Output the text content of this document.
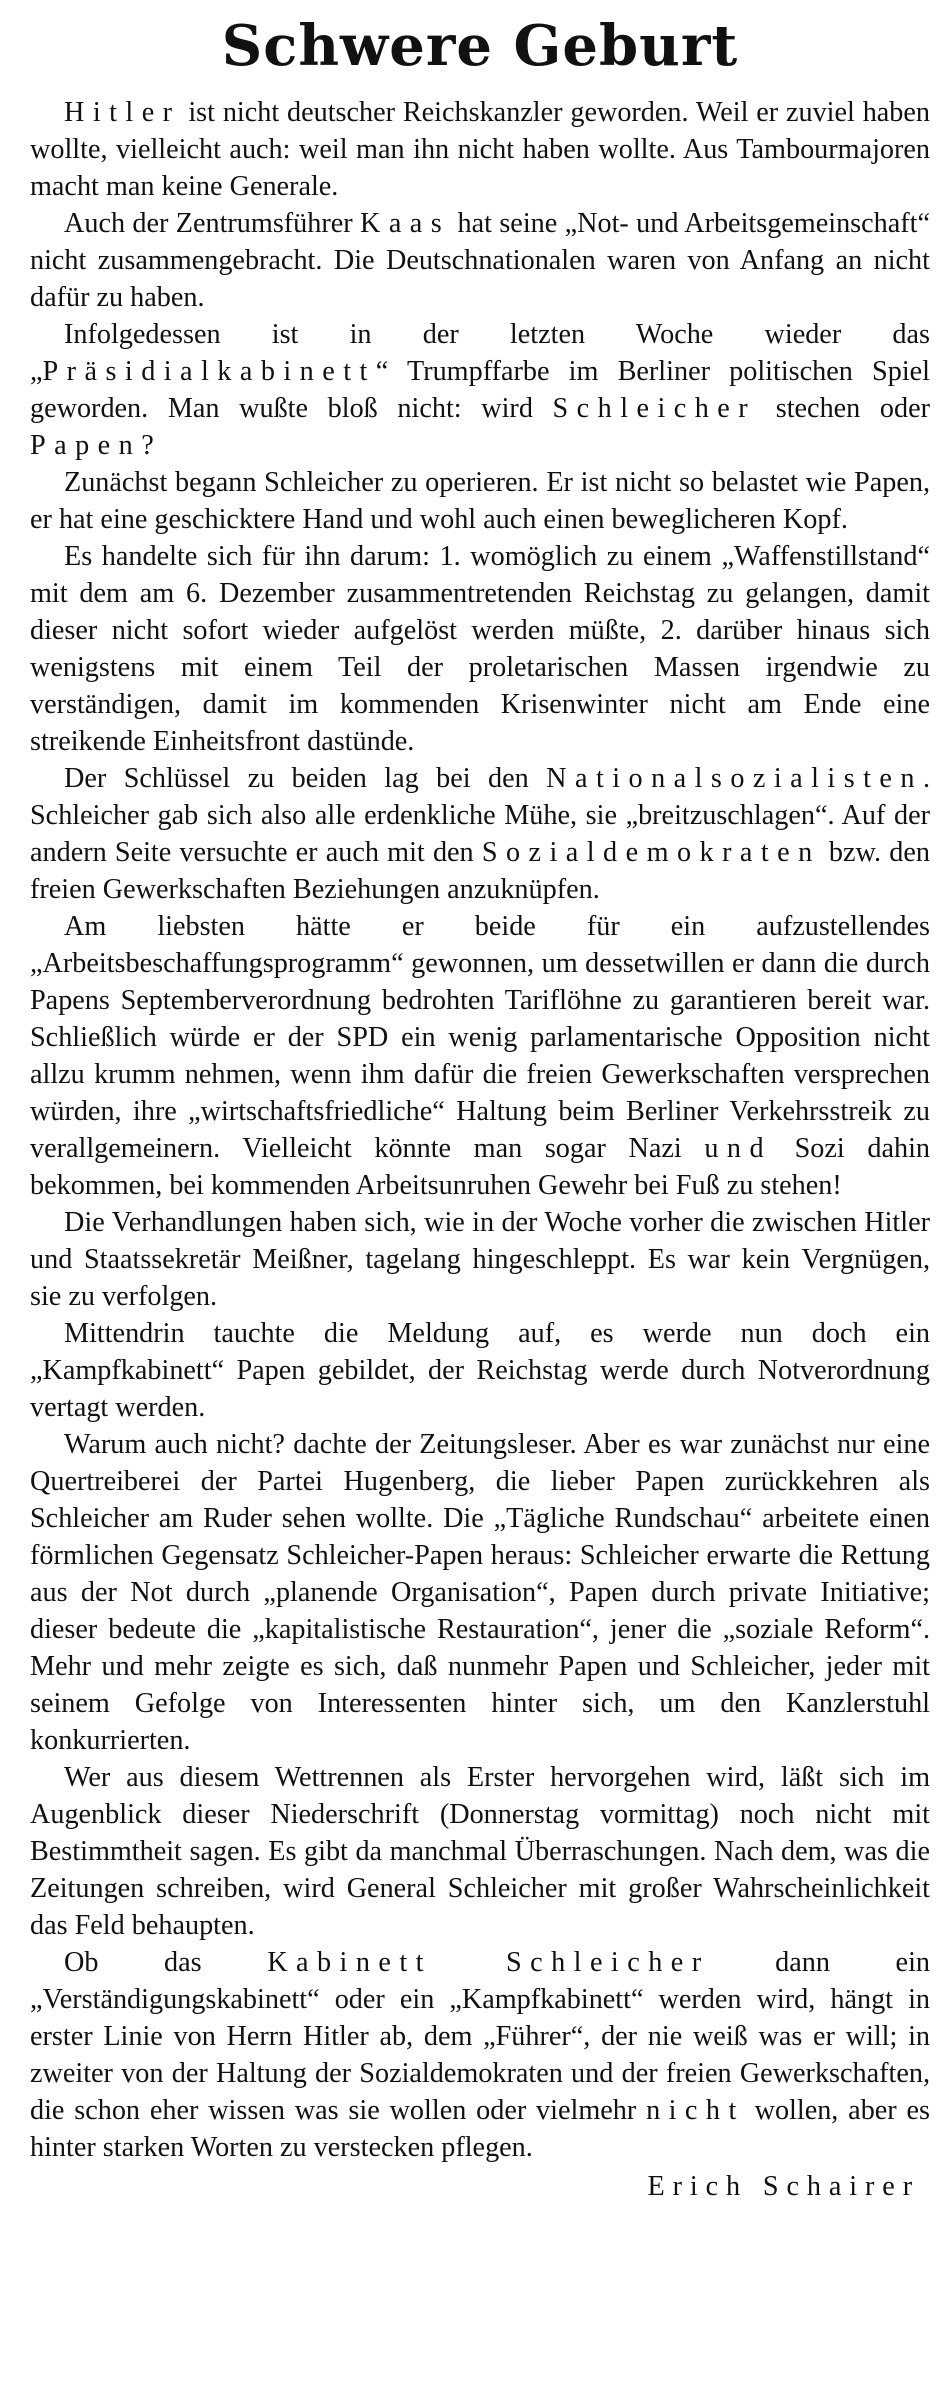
Schwere Geburt

Hitler ist nicht deutscher Reichskanzler geworden. Weil er zuviel haben wollte, vielleicht auch: weil man ihn nicht haben wollte. Aus Tambourmajoren macht man keine Generale.

Auch der Zentrumsführer Kaas hat seine „Not- und Arbeitsgemeinschaft“ nicht zusammengebracht. Die Deutschnationalen waren von Anfang an nicht dafür zu haben.

Infolgedessen ist in der letzten Woche wieder das „Präsidialkabinett“ Trumpffarbe im Berliner politischen Spiel geworden. Man wußte bloß nicht: wird Schleicher stechen oder Papen?

Zunächst begann Schleicher zu operieren. Er ist nicht so belastet wie Papen, er hat eine geschicktere Hand und wohl auch einen beweglicheren Kopf.

Es handelte sich für ihn darum: 1. womöglich zu einem „Waffenstillstand“ mit dem am 6. Dezember zusammentretenden Reichstag zu gelangen, damit dieser nicht sofort wieder aufgelöst werden müßte, 2. darüber hinaus sich wenigstens mit einem Teil der proletarischen Massen irgendwie zu verständigen, damit im kommenden Krisenwinter nicht am Ende eine streikende Einheitsfront dastünde.

Der Schlüssel zu beiden lag bei den Nationalsozialisten. Schleicher gab sich also alle erdenkliche Mühe, sie „breitzuschlagen“. Auf der andern Seite versuchte er auch mit den Sozialdemokraten bzw. den freien Gewerkschaften Beziehungen anzuknüpfen.

Am liebsten hätte er beide für ein aufzustellendes „Arbeitsbeschaffungsprogramm“ gewonnen, um dessetwillen er dann die durch Papens Septemberverordnung bedrohten Tariflöhne zu garantieren bereit war. Schließlich würde er der SPD ein wenig parlamentarische Opposition nicht allzu krumm nehmen, wenn ihm dafür die freien Gewerkschaften versprechen würden, ihre „wirtschaftsfriedliche“ Haltung beim Berliner Verkehrsstreik zu verallgemeinern. Vielleicht könnte man sogar Nazi und Sozi dahin bekommen, bei kommenden Arbeitsunruhen Gewehr bei Fuß zu stehen!

Die Verhandlungen haben sich, wie in der Woche vorher die zwischen Hitler und Staatssekretär Meißner, tagelang hingeschleppt. Es war kein Vergnügen, sie zu verfolgen.

Mittendrin tauchte die Meldung auf, es werde nun doch ein „Kampfkabinett“ Papen gebildet, der Reichstag werde durch Notverordnung vertagt werden.

Warum auch nicht? dachte der Zeitungsleser. Aber es war zunächst nur eine Quertreiberei der Partei Hugenberg, die lieber Papen zurückkehren als Schleicher am Ruder sehen wollte. Die „Tägliche Rundschau“ arbeitete einen förmlichen Gegensatz Schleicher-Papen heraus: Schleicher erwarte die Rettung aus der Not durch „planende Organisation“, Papen durch private Initiative; dieser bedeute die „kapitalistische Restauration“, jener die „soziale Reform“. Mehr und mehr zeigte es sich, daß nunmehr Papen und Schleicher, jeder mit seinem Gefolge von Interessenten hinter sich, um den Kanzlerstuhl konkurrierten.

Wer aus diesem Wettrennen als Erster hervorgehen wird, läßt sich im Augenblick dieser Niederschrift (Donnerstag vormittag) noch nicht mit Bestimmtheit sagen. Es gibt da manchmal Überraschungen. Nach dem, was die Zeitungen schreiben, wird General Schleicher mit großer Wahrscheinlichkeit das Feld behaupten.

Ob das Kabinett Schleicher dann ein „Verständigungskabinett“ oder ein „Kampfkabinett“ werden wird, hängt in erster Linie von Herrn Hitler ab, dem „Führer“, der nie weiß was er will; in zweiter von der Haltung der Sozialdemokraten und der freien Gewerkschaften, die schon eher wissen was sie wollen oder vielmehr nicht wollen, aber es hinter starken Worten zu verstecken pflegen.

Erich Schairer
